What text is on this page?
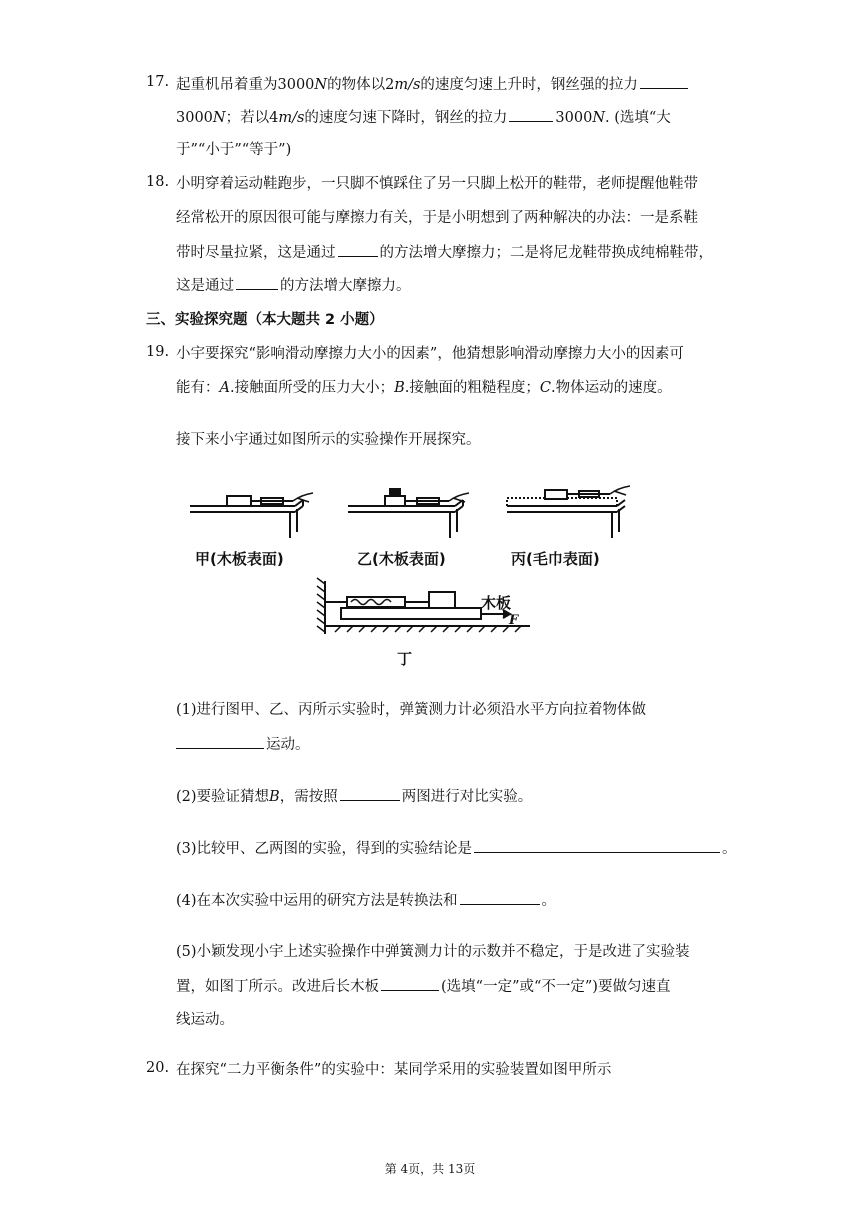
17. 起重机吊着重为3000N的物体以2m/s的速度匀速上升时，钢丝强的拉力
3000N；若以4m/s的速度匀速下降时，钢丝的拉力	3000N. (选填“大
于”“小于”“等于”)
18. 小明穿着运动鞋跑步，一只脚不慎踩住了另一只脚上松开的鞋带，老师提醒他鞋带
经常松开的原因很可能与摩擦力有关，于是小明想到了两种解决的办法：一是系鞋
带时尽量拉紧，这是通过	的方法增大摩擦力；二是将尼龙鞋带换成纯棉鞋带，
这是通过	的方法增大摩擦力。
三、实验探究题（本大题共 2 小题）
19. 小宇要探究“影响滑动摩擦力大小的因素”，他猜想影响滑动摩擦力大小的因素可
能有：A.接触面所受的压力大小；B.接触面的粗糙程度；C.物体运动的速度。
接下来小宇通过如图所示的实验操作开展探究。
甲(木板表面)	乙(木板表面)	丙(毛巾表面)
丁
木板
F
(1)进行图甲、乙、丙所示实验时，弹簧测力计必须沿水平方向拉着物体做
运动。
(2)要验证猜想B，需按照	两图进行对比实验。
(3)比较甲、乙两图的实验，得到的实验结论是	。
(4)在本次实验中运用的研究方法是转换法和	。
(5)小颖发现小宇上述实验操作中弹簧测力计的示数并不稳定，于是改进了实验装
置，如图丁所示。改进后长木板	(选填“一定”或“不一定”)要做匀速直
线运动。
20. 在探究“二力平衡条件”的实验中：某同学采用的实验装置如图甲所示
第 4页，共 13页
